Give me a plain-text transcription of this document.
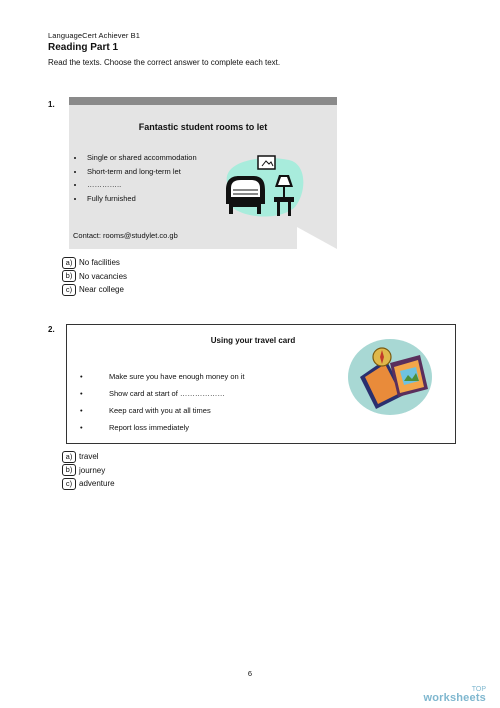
LanguageCert Achiever B1
Reading Part 1
Read the texts. Choose the correct answer to complete each text.
1.
Fantastic student rooms to let
• Single or shared accommodation
• Short-term and long-term let
• …………..
• Fully furnished
Contact: rooms@studylet.co.gb
a) No facilities
b) No vacancies
c) Near college
2.
Using your travel card
• Make sure you have enough money on it
• Show card at start of ………………
• Keep card with you at all times
• Report loss immediately
a) travel
b) journey
c) adventure
6
TOP
worksheets
